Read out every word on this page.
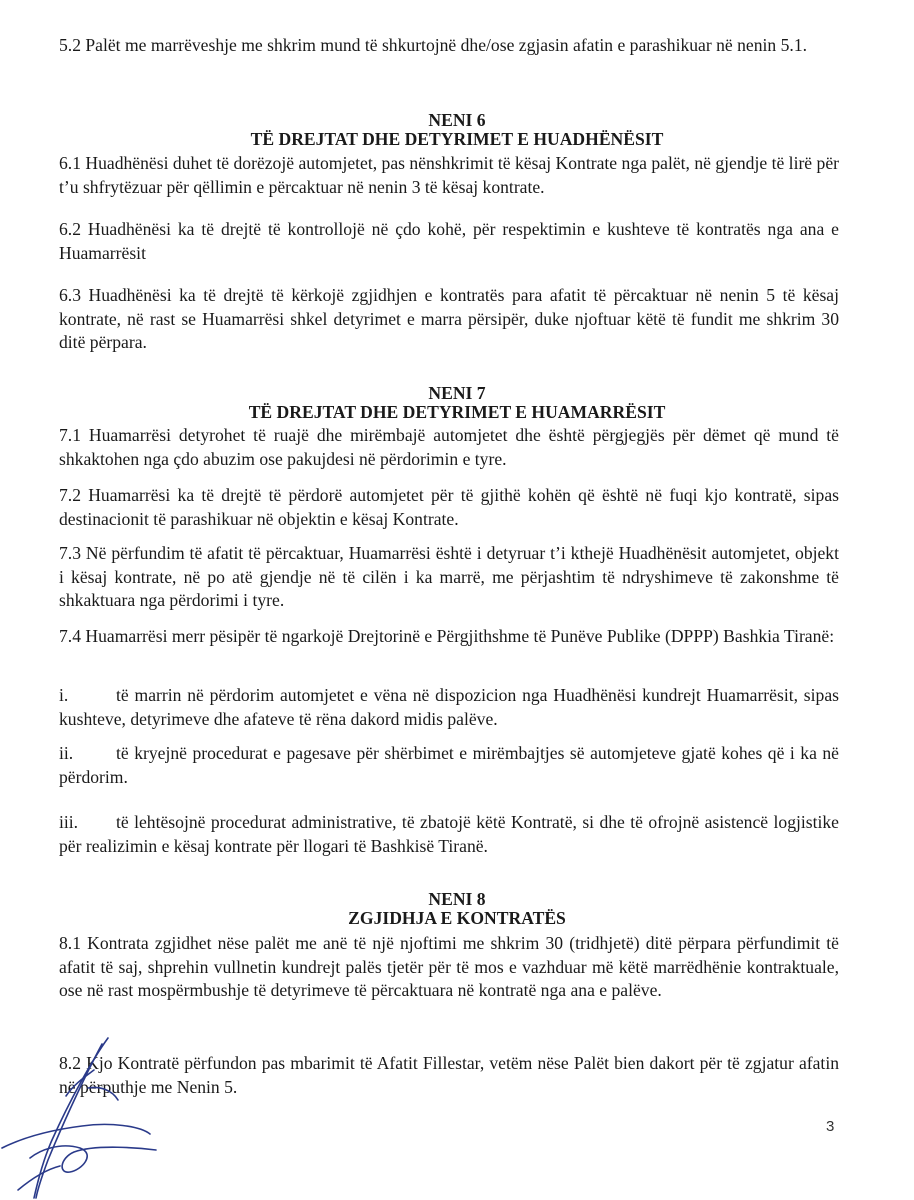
5.2 Palët me marrëveshje me shkrim mund të shkurtojnë dhe/ose zgjasin afatin e parashikuar në nenin 5.1.

NENI 6

TË DREJTAT DHE DETYRIMET E HUADHËNËSIT

6.1 Huadhënësi duhet të dorëzojë automjetet, pas nënshkrimit të kësaj Kontrate nga palët, në gjendje të lirë për t’u shfrytëzuar për qëllimin e përcaktuar në nenin 3 të kësaj kontrate.

6.2 Huadhënësi ka të drejtë të kontrollojë në çdo kohë, për respektimin e kushteve të kontratës nga ana e Huamarrësit

6.3 Huadhënësi ka të drejtë të kërkojë zgjidhjen e kontratës para afatit të përcaktuar në nenin 5 të kësaj kontrate, në rast se Huamarrësi shkel detyrimet e marra përsipër, duke njoftuar këtë të fundit me shkrim 30 ditë përpara.

NENI 7

TË DREJTAT DHE DETYRIMET E HUAMARRËSIT

7.1 Huamarrësi detyrohet të ruajë dhe mirëmbajë automjetet dhe është përgjegjës për dëmet që mund të shkaktohen nga çdo abuzim ose pakujdesi në përdorimin e tyre.

7.2 Huamarrësi ka të drejtë të përdorë automjetet për të gjithë kohën që është në fuqi kjo kontratë, sipas destinacionit të parashikuar në objektin e kësaj Kontrate.

7.3 Në përfundim të afatit të përcaktuar, Huamarrësi është i detyruar t’i kthejë Huadhënësit automjetet, objekt i kësaj kontrate, në po atë gjendje në të cilën i ka marrë, me përjashtim të ndryshimeve të zakonshme të shkaktuara nga përdorimi i tyre.

7.4 Huamarrësi merr pësipër të ngarkojë Drejtorinë e Përgjithshme të Punëve Publike (DPPP) Bashkia Tiranë:

i.	të marrin në përdorim automjetet e vëna në dispozicion nga Huadhënësi kundrejt Huamarrësit, sipas kushteve, detyrimeve dhe afateve të rëna dakord midis palëve.

ii. të kryejnë procedurat e pagesave për shërbimet e mirëmbajtjes së automjeteve gjatë kohes që i ka në përdorim.

iii. të lehtësojnë procedurat administrative, të zbatojë këtë Kontratë, si dhe të ofrojnë asistencë logjistike për realizimin e kësaj kontrate për llogari të Bashkisë Tiranë.

NENI 8

ZGJIDHJA E KONTRATËS

8.1 Kontrata zgjidhet nëse palët me anë të një njoftimi me shkrim 30 (tridhjetë) ditë përpara përfundimit të afatit të saj, shprehin vullnetin kundrejt palës tjetër për të mos e vazhduar më këtë marrëdhënie kontraktuale, ose në rast mospërmbushje të detyrimeve të përcaktuara në kontratë nga ana e palëve.

8.2 Kjo Kontratë përfundon pas mbarimit të Afatit Fillestar, vetëm nëse Palët bien dakort për të zgjatur afatin në përputhje me Nenin 5.

3
